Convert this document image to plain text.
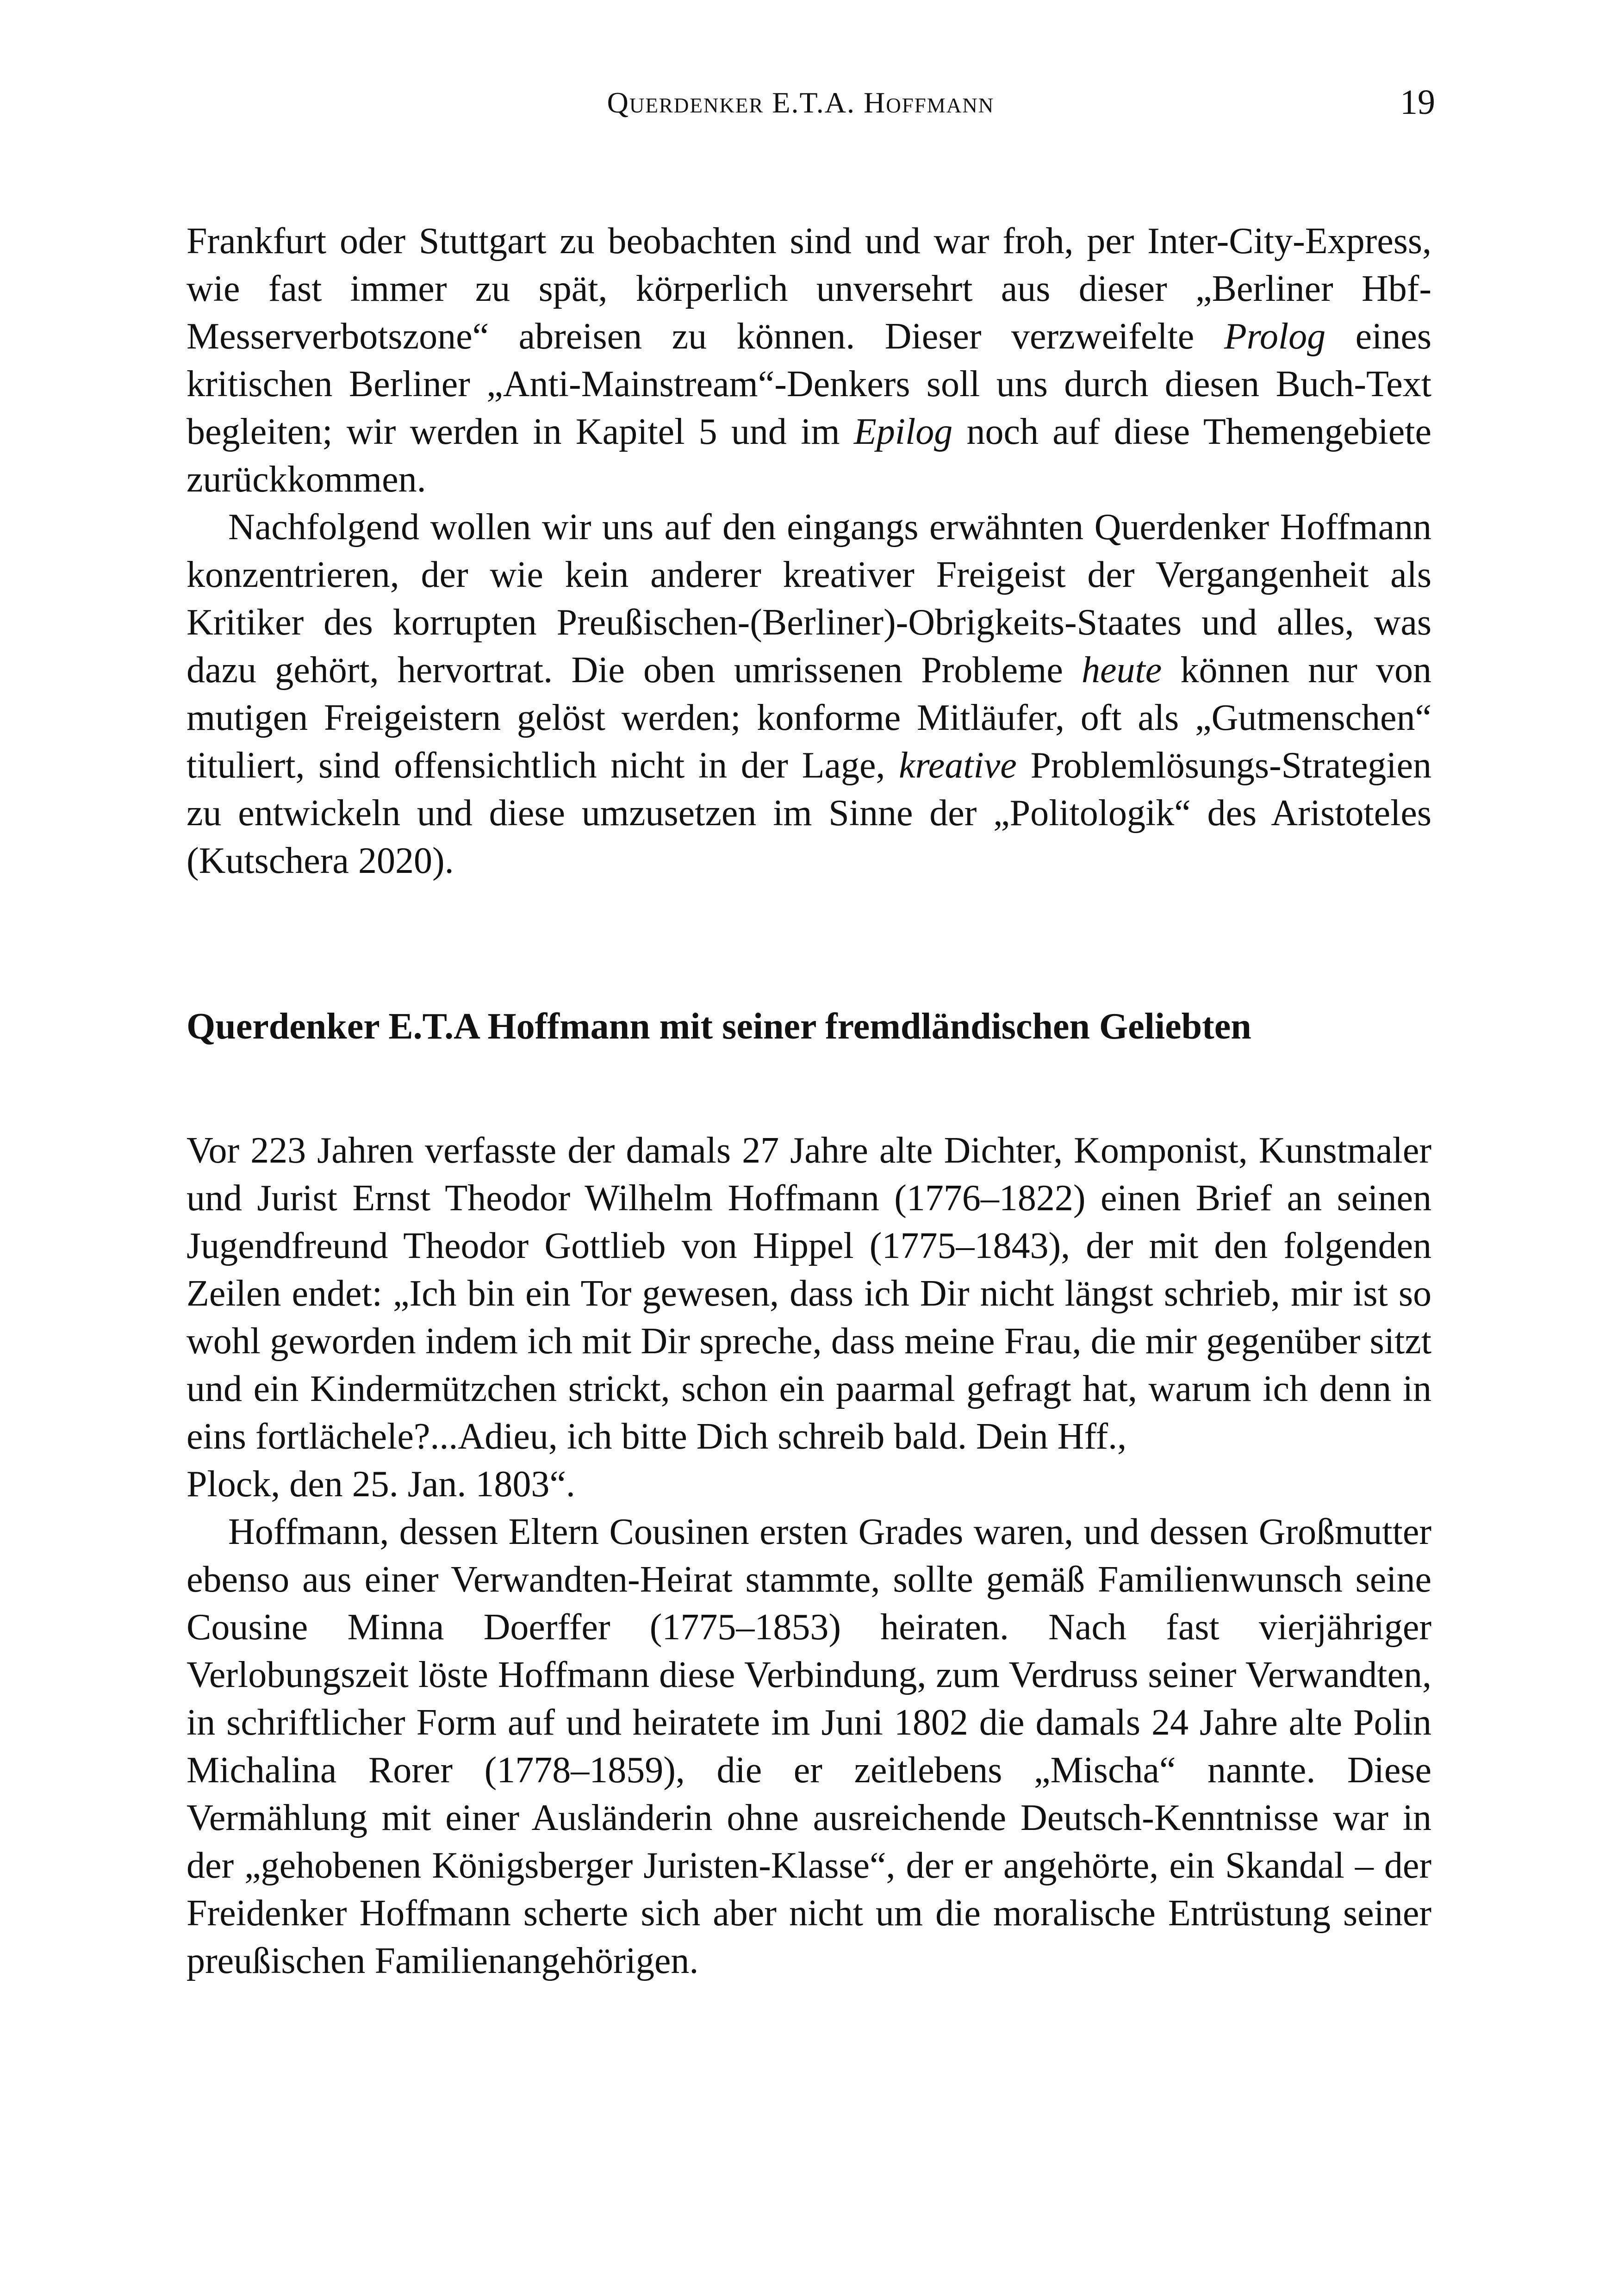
Querdenker E.T.A. Hoffmann	19

Frankfurt oder Stuttgart zu beobachten sind und war froh, per Inter-City-Express, wie fast immer zu spät, körperlich unversehrt aus dieser „Berliner Hbf-Messerverbotszone“ abreisen zu können. Dieser verzweifelte Prolog eines kritischen Berliner „Anti-Mainstream“-Denkers soll uns durch diesen Buch-Text begleiten; wir werden in Kapitel 5 und im Epilog noch auf diese Themengebiete zurückkommen.

Nachfolgend wollen wir uns auf den eingangs erwähnten Querdenker Hoffmann konzentrieren, der wie kein anderer kreativer Freigeist der Vergangenheit als Kritiker des korrupten Preußischen-(Berliner)-Obrigkeits-Staates und alles, was dazu gehört, hervortrat. Die oben umrissenen Probleme heute können nur von mutigen Freigeistern gelöst werden; konforme Mitläufer, oft als „Gutmenschen“ tituliert, sind offensichtlich nicht in der Lage, kreative Problemlösungs-Strategien zu entwickeln und diese umzusetzen im Sinne der „Politologik“ des Aristoteles (Kutschera 2020).

Querdenker E.T.A Hoffmann mit seiner fremdländischen Geliebten

Vor 223 Jahren verfasste der damals 27 Jahre alte Dichter, Komponist, Kunstmaler und Jurist Ernst Theodor Wilhelm Hoffmann (1776–1822) einen Brief an seinen Jugendfreund Theodor Gottlieb von Hippel (1775–1843), der mit den folgenden Zeilen endet: „Ich bin ein Tor gewesen, dass ich Dir nicht längst schrieb, mir ist so wohl geworden indem ich mit Dir spreche, dass meine Frau, die mir gegenüber sitzt und ein Kindermützchen strickt, schon ein paarmal gefragt hat, warum ich denn in eins fortlächele?...Adieu, ich bitte Dich schreib bald. Dein Hff.,
Plock, den 25. Jan. 1803“.

Hoffmann, dessen Eltern Cousinen ersten Grades waren, und dessen Großmutter ebenso aus einer Verwandten-Heirat stammte, sollte gemäß Familienwunsch seine Cousine Minna Doerffer (1775–1853) heiraten. Nach fast vierjähriger Verlobungszeit löste Hoffmann diese Verbindung, zum Verdruss seiner Verwandten, in schriftlicher Form auf und heiratete im Juni 1802 die damals 24 Jahre alte Polin Michalina Rorer (1778–1859), die er zeitlebens „Mischa“ nannte. Diese Vermählung mit einer Ausländerin ohne ausreichende Deutsch-Kenntnisse war in der „gehobenen Königsberger Juristen-Klasse“, der er angehörte, ein Skandal – der Freidenker Hoffmann scherte sich aber nicht um die moralische Entrüstung seiner preußischen Familienangehörigen.
